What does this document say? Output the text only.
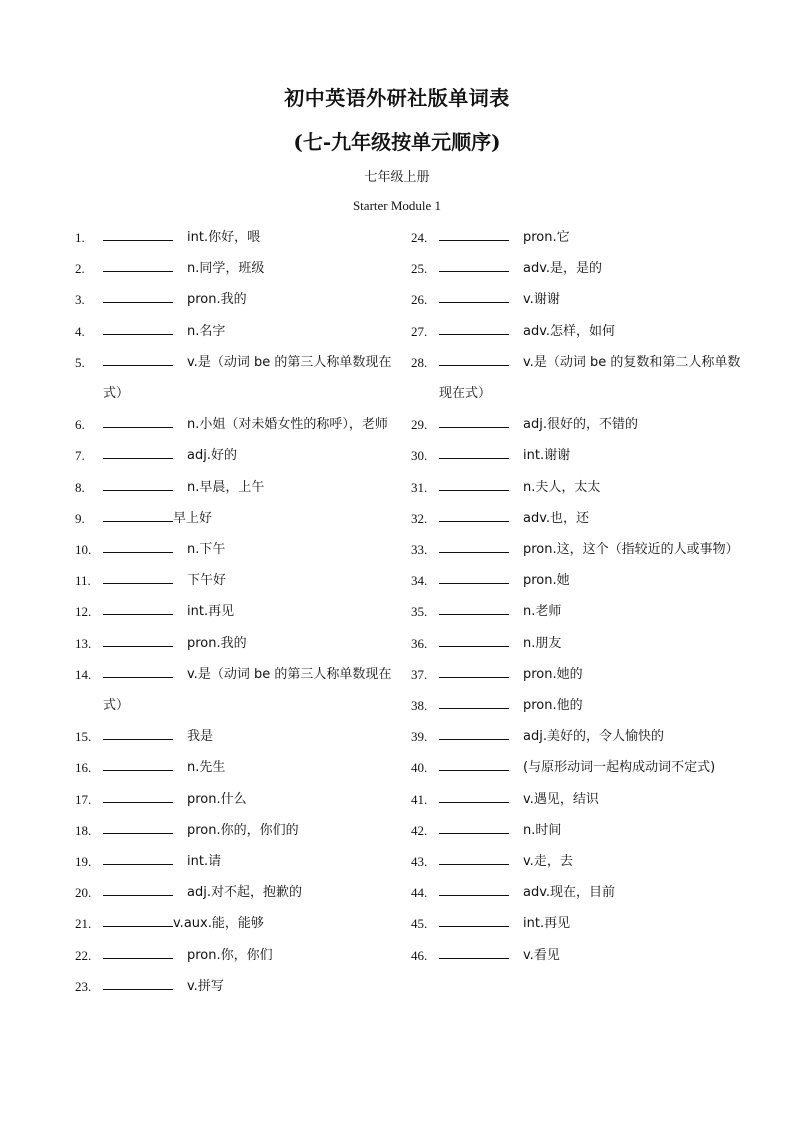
初中英语外研社版单词表
(七-九年级按单元顺序)
七年级上册
Starter Module 1
1.	int.你好，喂
2.	n.同学，班级
3.	pron.我的
4.	n.名字
5.	v.是（动词 be 的第三人称单数现在式）
6.	n.小姐（对未婚女性的称呼），老师
7.	adj.好的
8.	n.早晨，上午
9.	早上好
10.	n.下午
11.	下午好
12.	int.再见
13.	pron.我的
14.	v.是（动词 be 的第三人称单数现在式）
15.	我是
16.	n.先生
17.	pron.什么
18.	pron.你的，你们的
19.	int.请
20.	adj.对不起，抱歉的
21.	v.aux.能，能够
22.	pron.你，你们
23.	v.拼写
24.	pron.它
25.	adv.是，是的
26.	v.谢谢
27.	adv.怎样，如何
28.	v.是（动词 be 的复数和第二人称单数现在式）
29.	adj.很好的，不错的
30.	int.谢谢
31.	n.夫人，太太
32.	adv.也，还
33.	pron.这，这个（指较近的人或事物）
34.	pron.她
35.	n.老师
36.	n.朋友
37.	pron.她的
38.	pron.他的
39.	adj.美好的，令人愉快的
40.	(与原形动词一起构成动词不定式)
41.	v.遇见，结识
42.	n.时间
43.	v.走，去
44.	adv.现在，目前
45.	int.再见
46.	v.看见
